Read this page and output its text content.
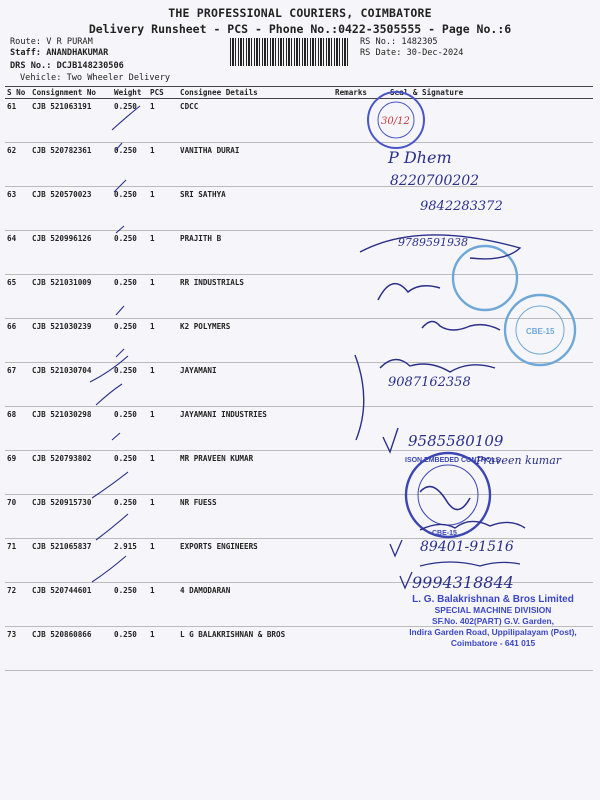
THE PROFESSIONAL COURIERS, COIMBATORE
Delivery Runsheet - PCS - Phone No.:0422-3505555 - Page No.:6
Route: V R PURAM
Staff: ANANDHAKUMAR
DRS No.: DCJB148230506
Vehicle: Two Wheeler Delivery
RS No.: 1482305
RS Date: 30-Dec-2024
S No	Consignment No	Weight	PCS	Consignee Details	Remarks	Seal & Signature
61	CJB 521063191	0.250	1	CDCC		
62	CJB 520782361	0.250	1	VANITHA DURAI		
63	CJB 520570023	0.250	1	SRI SATHYA		
64	CJB 520996126	0.250	1	PRAJITH B		
65	CJB 521031009	0.250	1	RR INDUSTRIALS		
66	CJB 521030239	0.250	1	K2 POLYMERS		
67	CJB 521030704	0.250	1	JAYAMANI		
68	CJB 521030298	0.250	1	JAYAMANI INDUSTRIES		
69	CJB 520793802	0.250	1	MR PRAVEEN KUMAR		
70	CJB 520915730	0.250	1	NR FUESS		
71	CJB 521065837	2.915	1	EXPORTS ENGINEERS		
72	CJB 520744601	0.250	1	4 DAMODARAN		
73	CJB 520860866	0.250	1	L G BALAKRISHNAN & BROS		
30/12
CBE-15
ISON EMBEDED CONTROLS
CBE-15
P Dhem
8220700202
9842283372
9789591938
9087162358
9585580109
Praveen kumar
89401-91516
9994318844
L. G. Balakrishnan & Bros Limited
SPECIAL MACHINE DIVISION
SF.No. 402(PART) G.V. Garden,
Indira Garden Road, Uppilipalayam (Post),
Coimbatore - 641 015
